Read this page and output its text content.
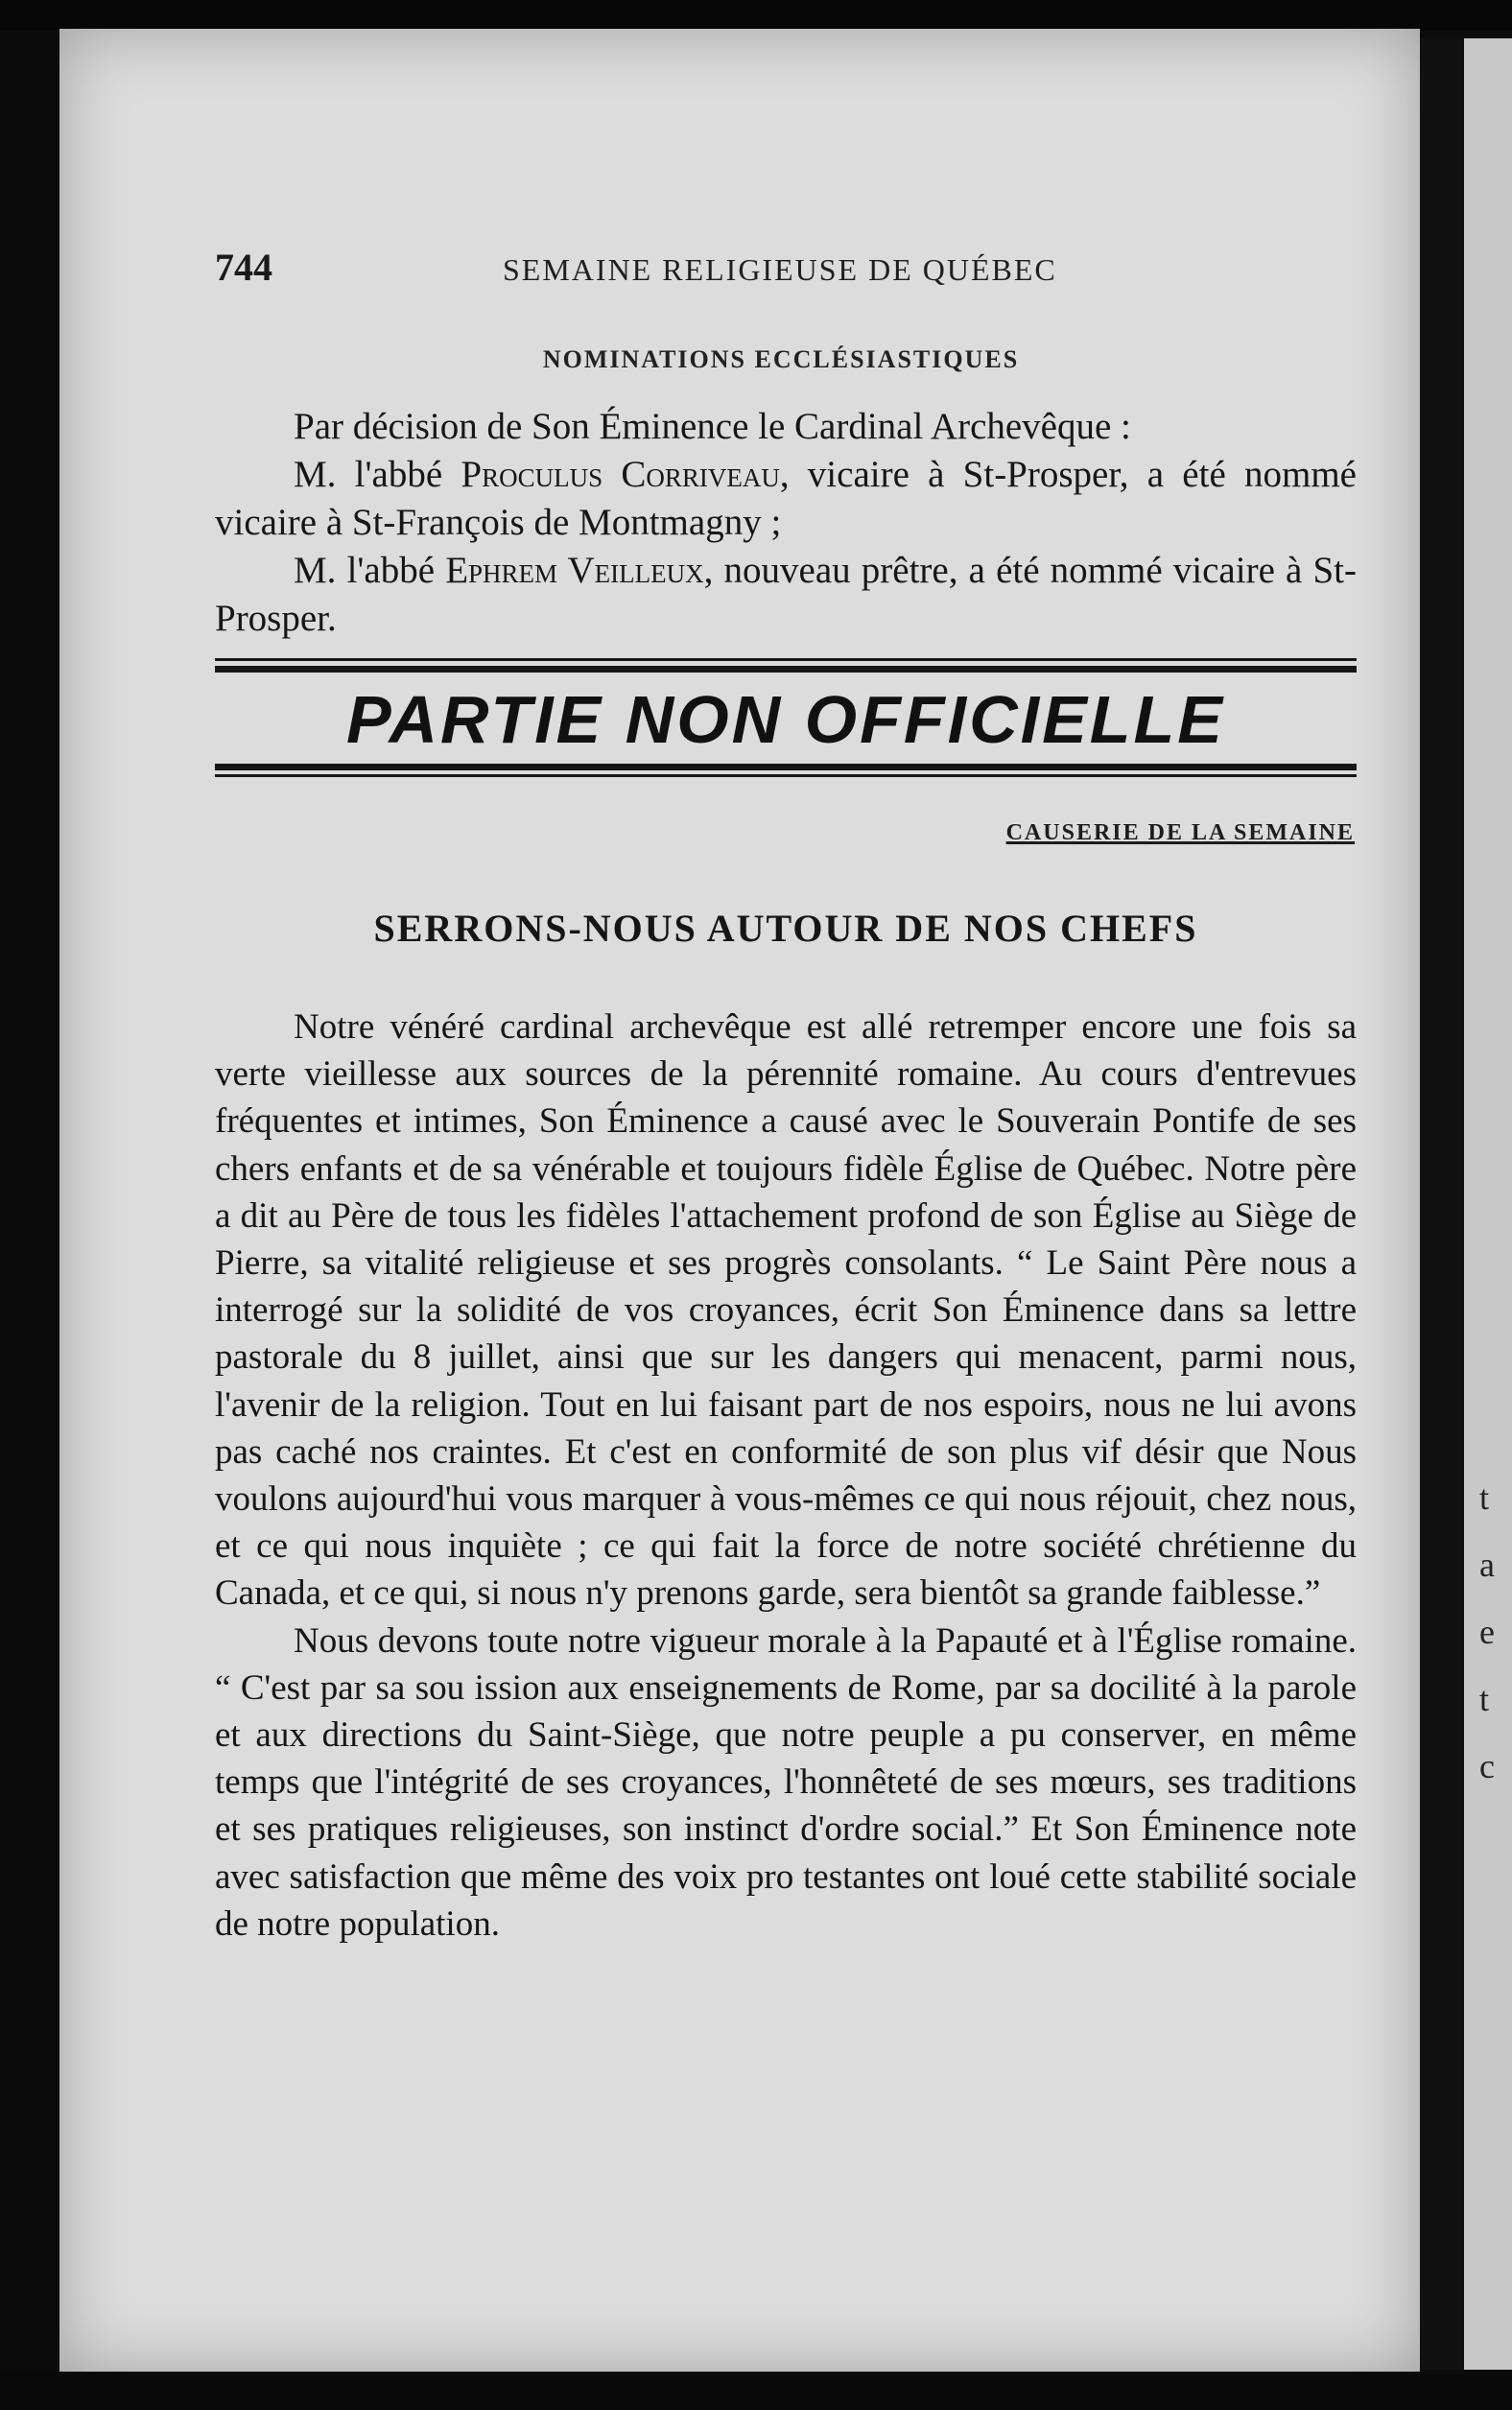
t
a
e
t
c
744	SEMAINE RELIGIEUSE DE QUÉBEC
NOMINATIONS ECCLÉSIASTIQUES

Par décision de Son Éminence le Cardinal Archevêque :

M. l'abbé Proculus Corriveau, vicaire à St-Prosper, a été nommé vicaire à St-François de Montmagny ;

M. l'abbé Ephrem Veilleux, nouveau prêtre, a été nommé vicaire à St-Prosper.

PARTIE NON OFFICIELLE
CAUSERIE DE LA SEMAINE
SERRONS-NOUS AUTOUR DE NOS CHEFS

Notre vénéré cardinal archevêque est allé retremper encore une fois sa verte vieillesse aux sources de la pérennité romaine. Au cours d'entrevues fréquentes et intimes, Son Éminence a causé avec le Souverain Pontife de ses chers enfants et de sa vénérable et toujours fidèle Église de Québec. Notre père a dit au Père de tous les fidèles l'attachement profond de son Église au Siège de Pierre, sa vitalité religieuse et ses progrès consolants. “ Le Saint Père nous a interrogé sur la solidité de vos croyances, écrit Son Éminence dans sa lettre pastorale du 8 juillet, ainsi que sur les dangers qui menacent, parmi nous, l'avenir de la religion. Tout en lui faisant part de nos espoirs, nous ne lui avons pas caché nos craintes. Et c'est en conformité de son plus vif désir que Nous voulons aujourd'hui vous marquer à vous-mêmes ce qui nous réjouit, chez nous, et ce qui nous inquiète ; ce qui fait la force de notre société chrétienne du Canada, et ce qui, si nous n'y prenons garde, sera bientôt sa grande faiblesse.”

Nous devons toute notre vigueur morale à la Papauté et à l'Église romaine. “ C'est par sa sou ission aux enseignements de Rome, par sa docilité à la parole et aux directions du Saint-Siège, que notre peuple a pu conserver, en même temps que l'intégrité de ses croyances, l'honnêteté de ses mœurs, ses traditions et ses pratiques religieuses, son instinct d'ordre social.” Et Son Éminence note avec satisfaction que même des voix pro testantes ont loué cette stabilité sociale de notre population.
